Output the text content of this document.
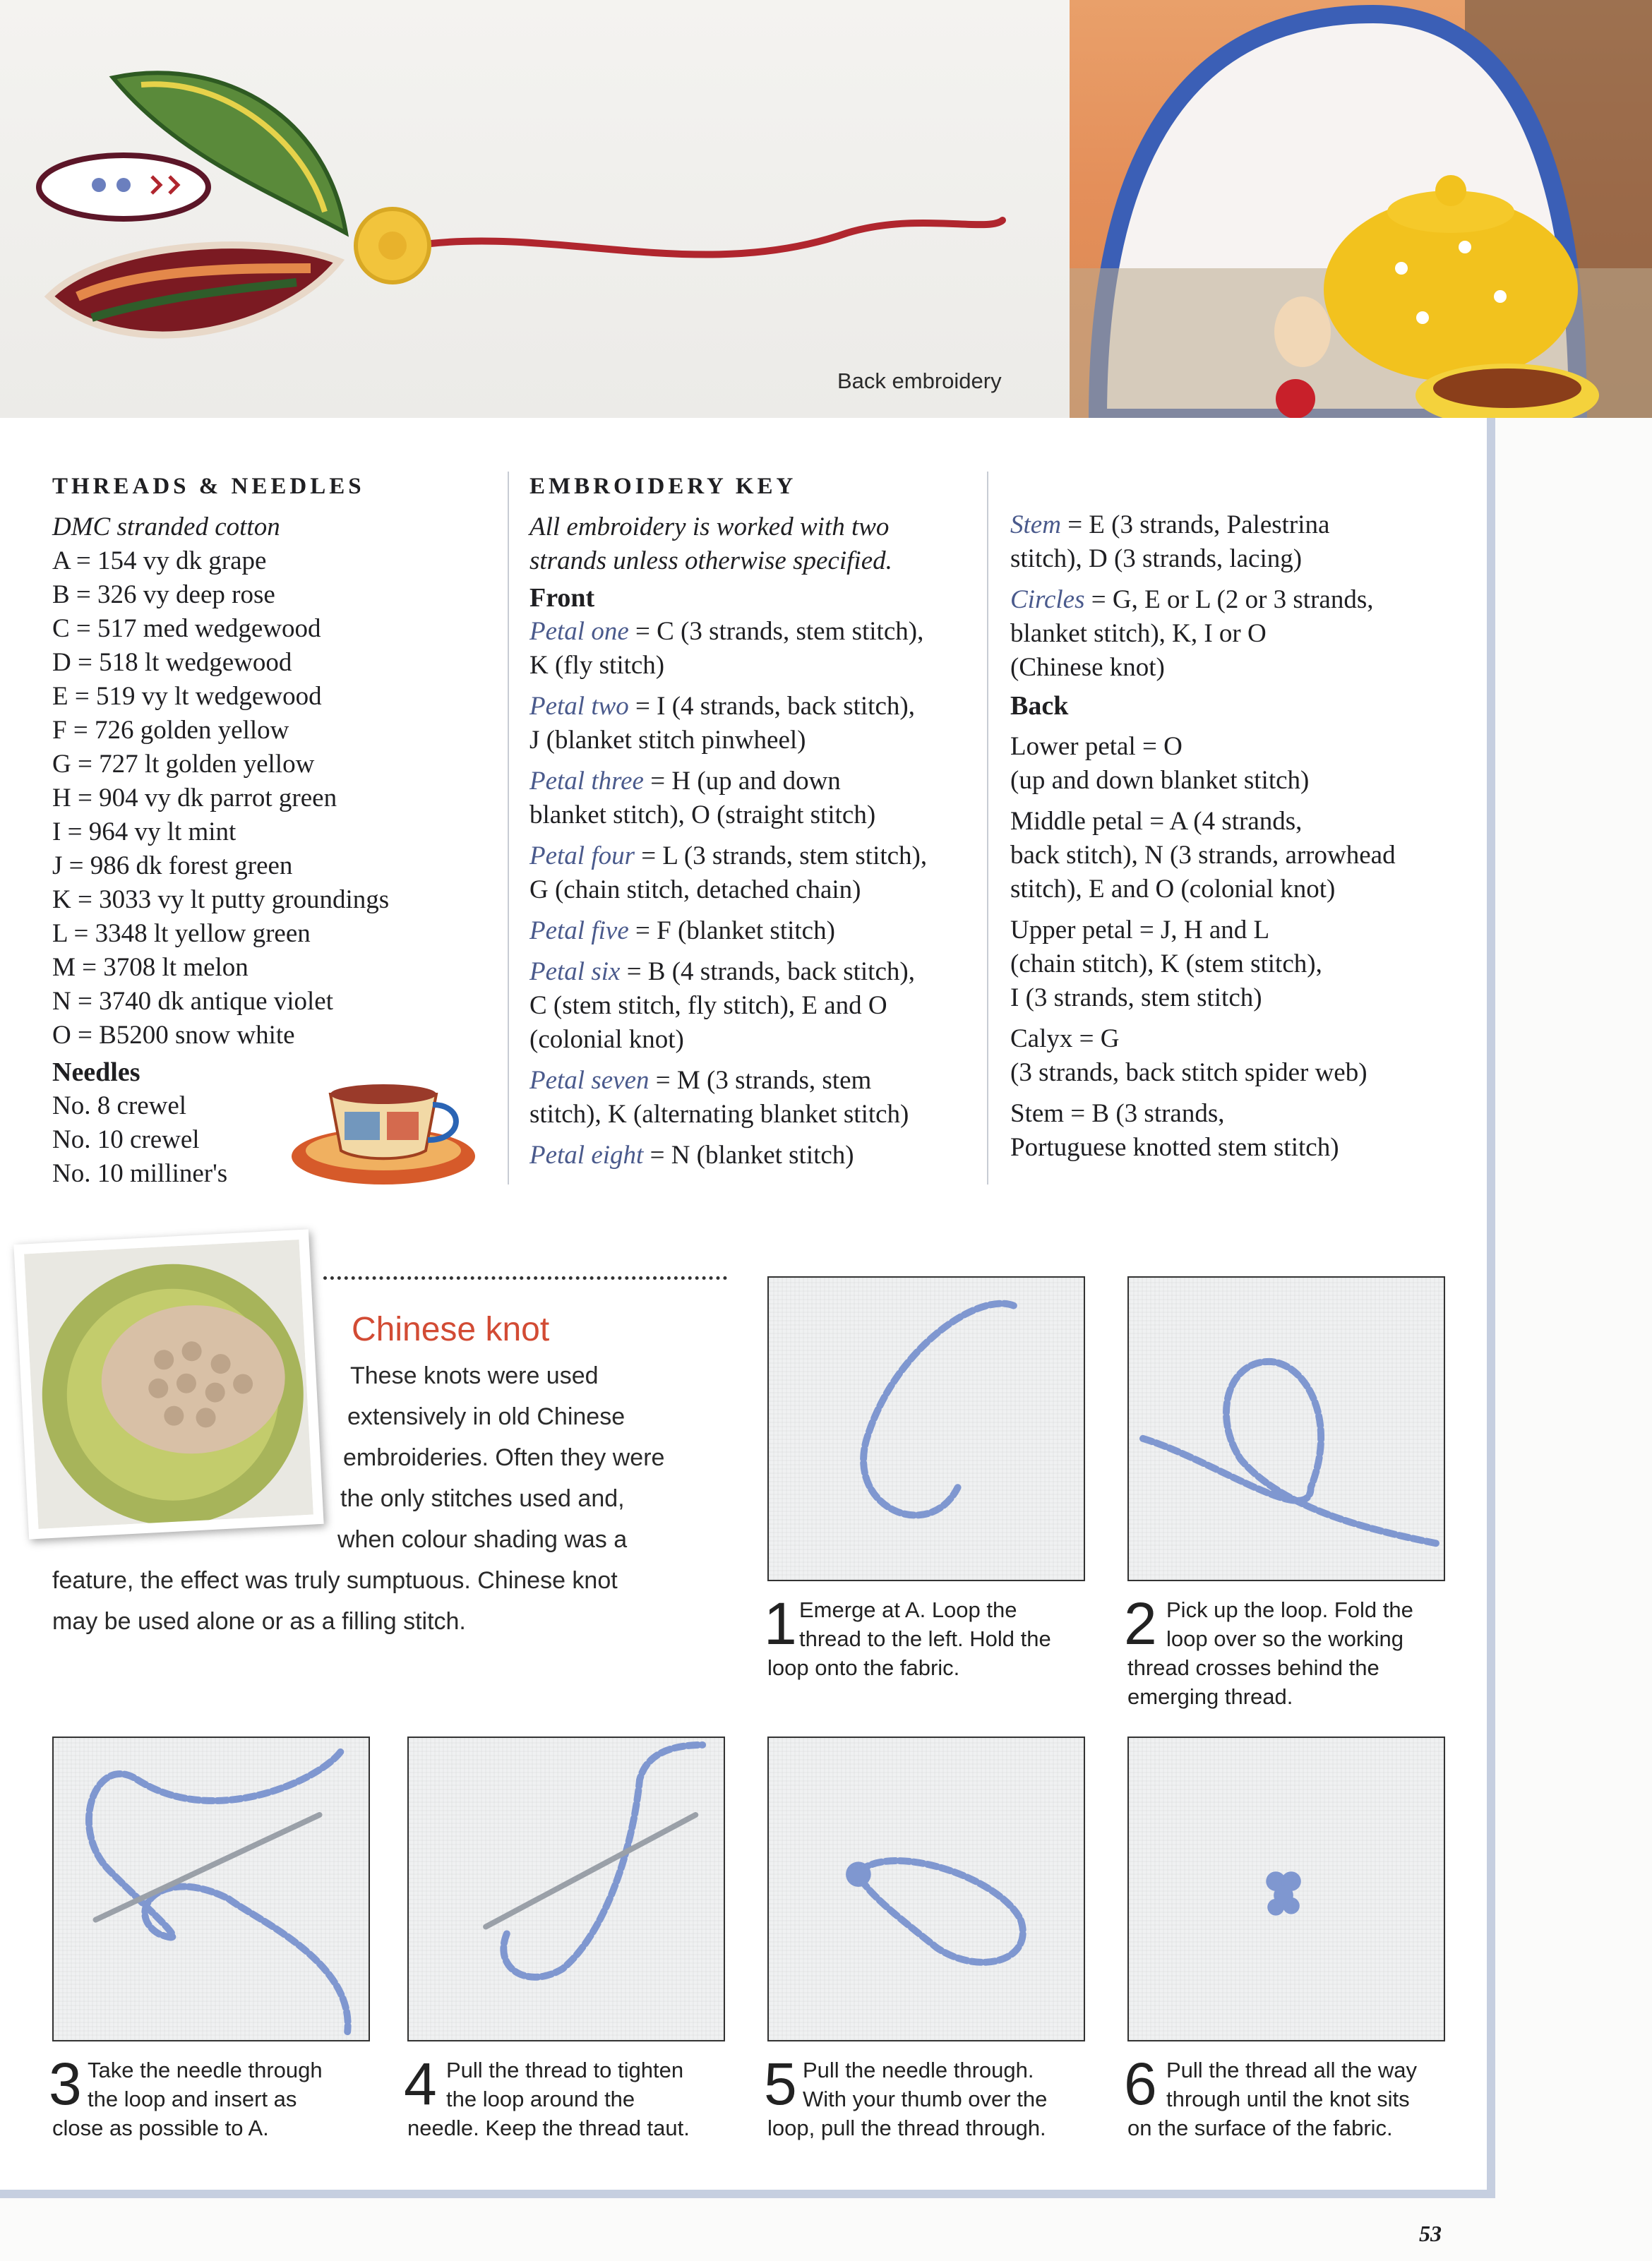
Back embroidery
THREADS & NEEDLES
DMC stranded cotton
A = 154 vy dk grape
B = 326 vy deep rose
C = 517 med wedgewood
D = 518 lt wedgewood
E = 519 vy lt wedgewood
F = 726 golden yellow
G = 727 lt golden yellow
H = 904 vy dk parrot green
I = 964 vy lt mint
J = 986 dk forest green
K = 3033 vy lt putty groundings
L = 3348 lt yellow green
M = 3708 lt melon
N = 3740 dk antique violet
O = B5200 snow white
Needles
No. 8 crewel
No. 10 crewel
No. 10 milliner's
EMBROIDERY KEY
All embroidery is worked with two
strands unless otherwise specified.
Front
Petal one = C (3 strands, stem stitch),
K (fly stitch)
Petal two = I (4 strands, back stitch),
J (blanket stitch pinwheel)
Petal three = H (up and down
blanket stitch), O (straight stitch)
Petal four = L (3 strands, stem stitch),
G (chain stitch, detached chain)
Petal five = F (blanket stitch)
Petal six = B (4 strands, back stitch),
C (stem stitch, fly stitch), E and O
(colonial knot)
Petal seven = M (3 strands, stem
stitch), K (alternating blanket stitch)
Petal eight = N (blanket stitch)
Stem = E (3 strands, Palestrina
stitch), D (3 strands, lacing)
Circles = G, E or L (2 or 3 strands,
blanket stitch), K, I or O
(Chinese knot)
Back
Lower petal = O
(up and down blanket stitch)
Middle petal = A (4 strands,
back stitch), N (3 strands, arrowhead
stitch), E and O (colonial knot)
Upper petal = J, H and L
(chain stitch), K (stem stitch),
I (3 strands, stem stitch)
Calyx = G
(3 strands, back stitch spider web)
Stem = B (3 strands,
Portuguese knotted stem stitch)
Chinese knot
These knots were used
extensively in old Chinese
embroideries. Often they were
the only stitches used and,
when colour shading was a
feature, the effect was truly sumptuous. Chinese knot
may be used alone or as a filling stitch.	1 Emerge at A. Loop the
thread to the left. Hold the
loop onto the fabric.
2 Pick up the loop. Fold the
loop over so the working
thread crosses behind the
emerging thread.
3 Take the needle through
the loop and insert as
close as possible to A.
4 Pull the thread to tighten
the loop around the
needle. Keep the thread taut.
5 Pull the needle through.
With your thumb over the
loop, pull the thread through.
6 Pull the thread all the way
through until the knot sits
on the surface of the fabric.
53
